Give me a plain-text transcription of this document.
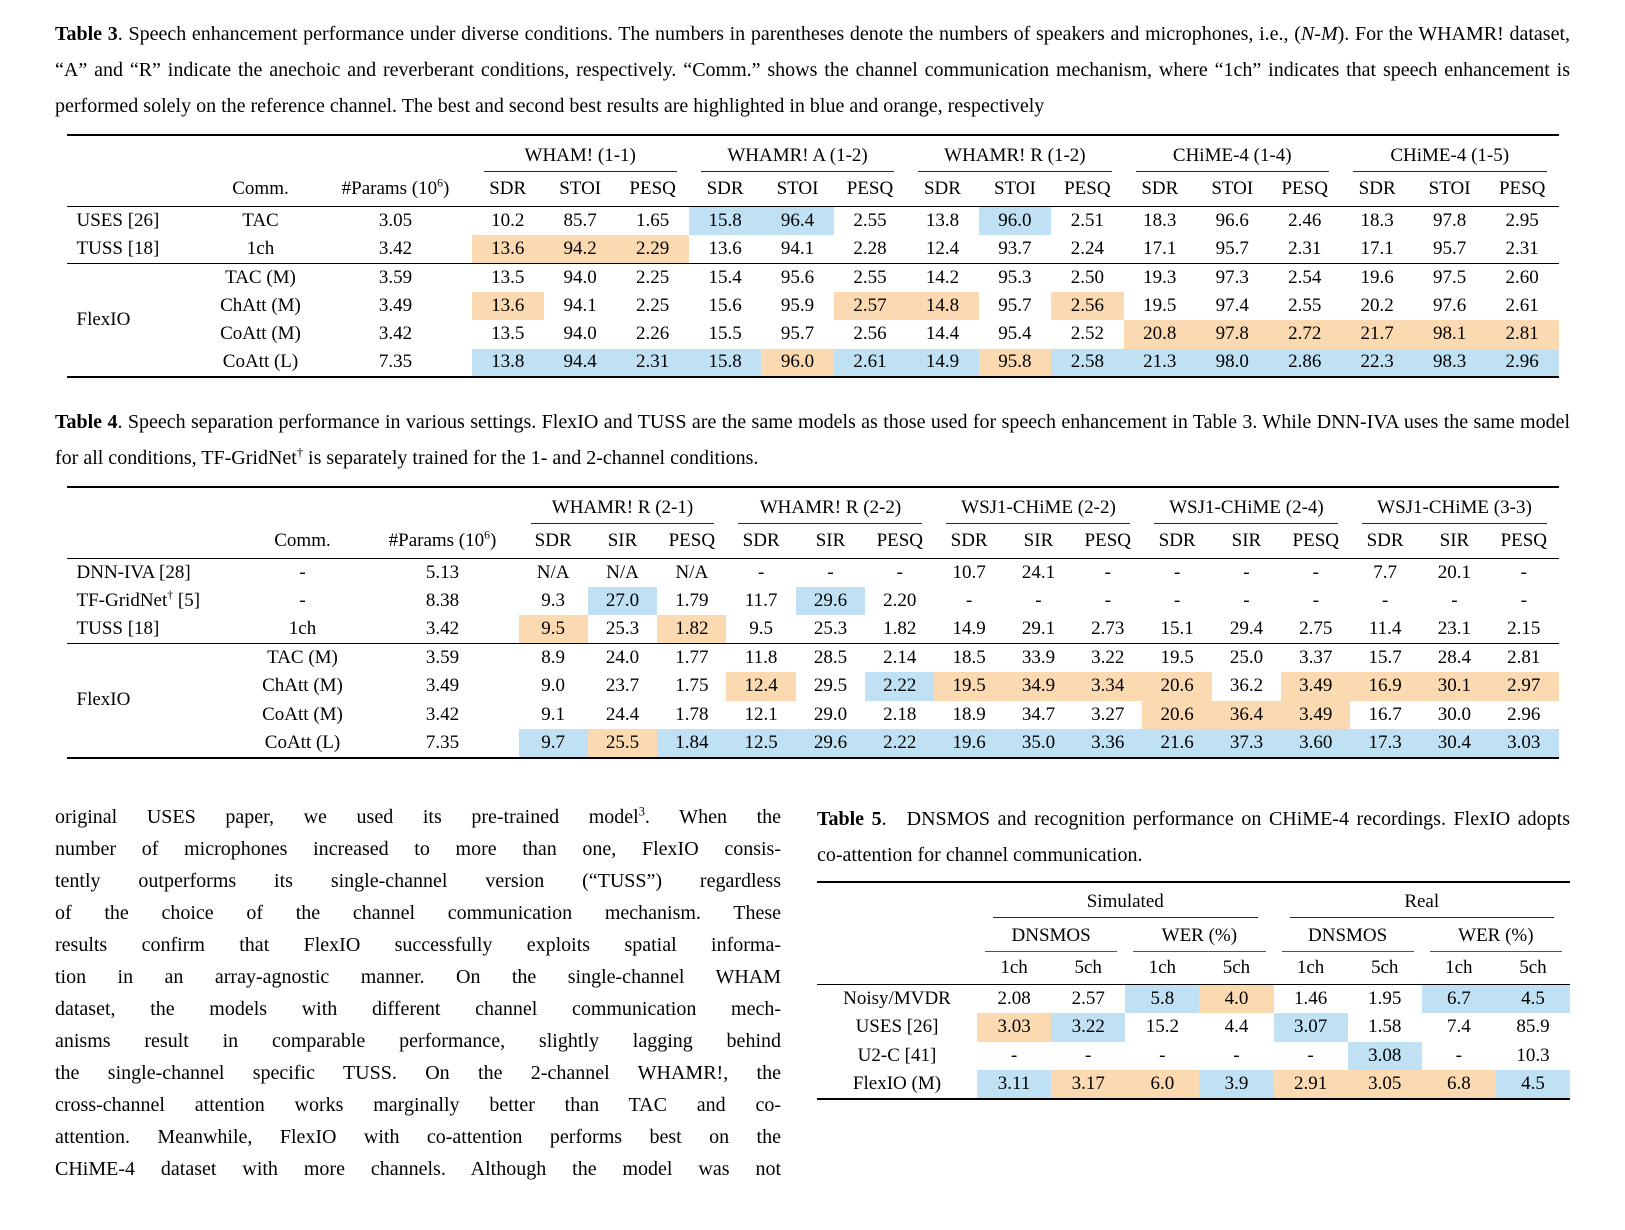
Table 3. Speech enhancement performance under diverse conditions. The numbers in parentheses denote the numbers of speakers and microphones, i.e., (N-M). For the WHAMR! dataset, “A” and “R” indicate the anechoic and reverberant conditions, respectively. “Comm.” shows the channel communication mechanism, where “1ch” indicates that speech enhancement is performed solely on the reference channel. The best and second best results are highlighted in blue and orange, respectively

			WHAM! (1-1)			WHAMR! A (1-2)			WHAMR! R (1-2)			CHiME-4 (1-4)			CHiME-4 (1-5)		

	Comm.	#Params $(10^6)$	SDR	STOI	PESQ	SDR	STOI	PESQ	SDR	STOI	PESQ	SDR	STOI	PESQ	SDR	STOI	PESQ
USES [26]	TAC	3.05	10.2	85.7	1.65	15.8	96.4	2.55	13.8	96.0	2.51	18.3	96.6	2.46	18.3	97.8	2.95
TUSS [18]	1ch	3.42	13.6	94.2	2.29	13.6	94.1	2.28	12.4	93.7	2.24	17.1	95.7	2.31	17.1	95.7	2.31
FlexIO	TAC (M)	3.59	13.5	94.0	2.25	15.4	95.6	2.55	14.2	95.3	2.50	19.3	97.3	2.54	19.6	97.5	2.60
	ChAtt (M)	3.49	13.6	94.1	2.25	15.6	95.9	2.57	14.8	95.7	2.56	19.5	97.4	2.55	20.2	97.6	2.61
	CoAtt (M)	3.42	13.5	94.0	2.26	15.5	95.7	2.56	14.4	95.4	2.52	20.8	97.8	2.72	21.7	98.1	2.81
	CoAtt (L)	7.35	13.8	94.4	2.31	15.8	96.0	2.61	14.9	95.8	2.58	21.3	98.0	2.86	22.3	98.3	2.96

Table 4. Speech separation performance in various settings. FlexIO and TUSS are the same models as those used for speech enhancement in Table 3. While DNN-IVA uses the same model for all conditions, TF-GridNet† is separately trained for the 1- and 2-channel conditions.

			WHAMR! R (2-1)			WHAMR! R (2-2)			WSJ1-CHiME (2-2)			WSJ1-CHiME (2-4)			WSJ1-CHiME (3-3)		

	Comm.	#Params $(10^6)$	SDR	SIR	PESQ	SDR	SIR	PESQ	SDR	SIR	PESQ	SDR	SIR	PESQ	SDR	SIR	PESQ
DNN-IVA [28]	-	5.13	N/A	N/A	N/A	-	-	-	10.7	24.1	-	-	-	-	7.7	20.1	-
TF-GridNet† [5]	-	8.38	9.3	27.0	1.79	11.7	29.6	2.20	-	-	-	-	-	-	-	-	-
TUSS [18]	1ch	3.42	9.5	25.3	1.82	9.5	25.3	1.82	14.9	29.1	2.73	15.1	29.4	2.75	11.4	23.1	2.15
FlexIO	TAC (M)	3.59	8.9	24.0	1.77	11.8	28.5	2.14	18.5	33.9	3.22	19.5	25.0	3.37	15.7	28.4	2.81
	ChAtt (M)	3.49	9.0	23.7	1.75	12.4	29.5	2.22	19.5	34.9	3.34	20.6	36.2	3.49	16.9	30.1	2.97
	CoAtt (M)	3.42	9.1	24.4	1.78	12.1	29.0	2.18	18.9	34.7	3.27	20.6	36.4	3.49	16.7	30.0	2.96
	CoAtt (L)	7.35	9.7	25.5	1.84	12.5	29.6	2.22	19.6	35.0	3.36	21.6	37.3	3.60	17.3	30.4	3.03
original USES paper, we used its pre-trained model$^3$. When the
number of microphones increased to more than one, FlexIO consis-
tently outperforms its single-channel version (“TUSS”) regardless
of the choice of the channel communication mechanism. These
results confirm that FlexIO successfully exploits spatial informa-
tion in an array-agnostic manner. On the single-channel WHAM
dataset, the models with different channel communication mech-
anisms result in comparable performance, slightly lagging behind
the single-channel specific TUSS. On the 2-channel WHAMR!, the
cross-channel attention works marginally better than TAC and co-
attention. Meanwhile, FlexIO with co-attention performs best on the
CHiME-4 dataset with more channels. Although the model was not

Table 5.  DNSMOS and recognition performance on CHiME-4 recordings. FlexIO adopts co-attention for channel communication.

	Simulated				Real			

	DNSMOS		WER (%)		DNSMOS		WER (%)	

	1ch	5ch	1ch	5ch	1ch	5ch	1ch	5ch
Noisy/MVDR	2.08	2.57	5.8	4.0	1.46	1.95	6.7	4.5
USES [26]	3.03	3.22	15.2	4.4	3.07	1.58	7.4	85.9
U2-C [41]	-	-	-	-	-	3.08	-	10.3
FlexIO (M)	3.11	3.17	6.0	3.9	2.91	3.05	6.8	4.5
